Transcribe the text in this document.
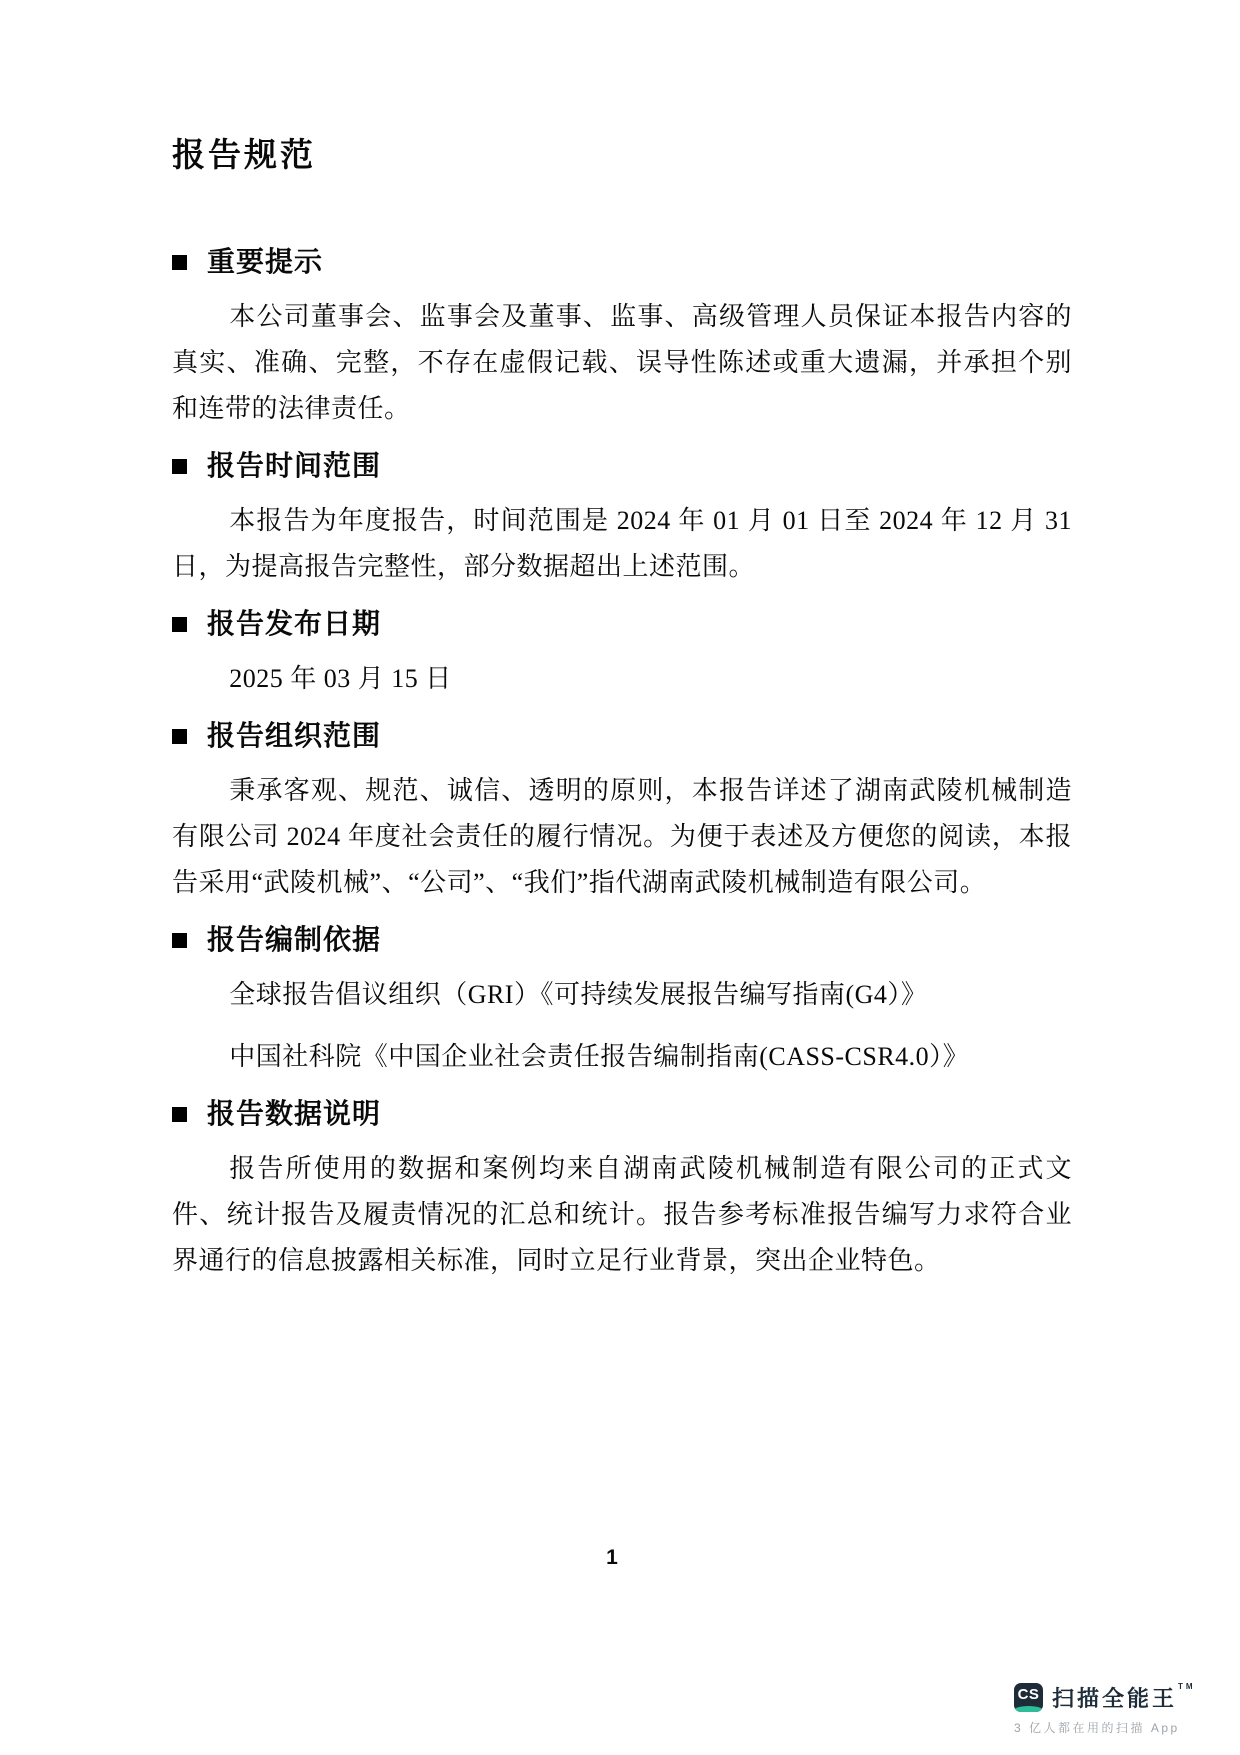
报告规范
重要提示

本公司董事会、监事会及董事、监事、高级管理人员保证本报告内容的真实、准确、完整，不存在虚假记载、误导性陈述或重大遗漏，并承担个别和连带的法律责任。

报告时间范围

本报告为年度报告，时间范围是 2024 年 01 月 01 日至 2024 年 12 月 31 日，为提高报告完整性，部分数据超出上述范围。

报告发布日期

2025 年 03 月 15 日

报告组织范围

秉承客观、规范、诚信、透明的原则，本报告详述了湖南武陵机械制造有限公司 2024 年度社会责任的履行情况。为便于表述及方便您的阅读，本报告采用“武陵机械”、“公司”、“我们”指代湖南武陵机械制造有限公司。

报告编制依据

全球报告倡议组织（GRI）《可持续发展报告编写指南(G4）》

中国社科院《中国企业社会责任报告编制指南(CASS-CSR4.0）》

报告数据说明

报告所使用的数据和案例均来自湖南武陵机械制造有限公司的正式文件、统计报告及履责情况的汇总和统计。报告参考标准报告编写力求符合业界通行的信息披露相关标准，同时立足行业背景，突出企业特色。

1
CS 扫描全能王™
3 亿人都在用的扫描 App
